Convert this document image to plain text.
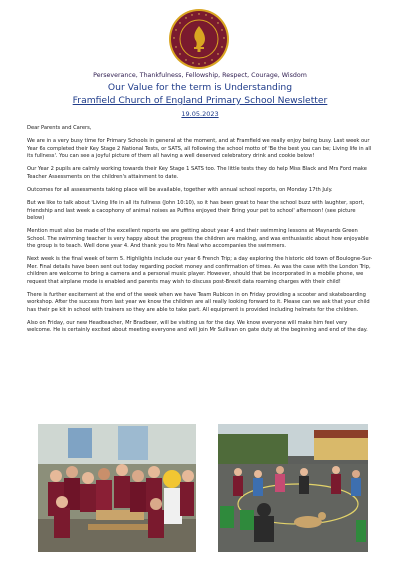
Perseverance, Thankfulness, Fellowship, Respect, Courage, Wisdom
Our Value for the term is Understanding
Framfield Church of England Primary School Newsletter
19.05.2023

Dear Parents and Carers,

We are in a very busy time for Primary Schools in general at the moment, and at Framfield we really enjoy being busy. Last week our Year 6s completed their Key Stage 2 National Tests, or SATS, all following the school motto of 'Be the best you can be; Living life in all its fullness'. You can see a joyful picture of them all having a well deserved celebratory drink and cookie below!

Our Year 2 pupils are calmly working towards their Key Stage 1 SATS too. The little tests they do help Miss Black and Mrs Ford make Teacher Assessments on the children's attainment to date.

Outcomes for all assessments taking place will be available, together with annual school reports, on Monday 17th July.

But we like to talk about 'Living life in all its fullness (John 10:10), so it has been great to hear the school buzz with laughter, sport, friendship and last week a cacophony of animal noises as Puffins enjoyed their Bring your pet to school' afternoon! (see picture below)

Mention must also be made of the excellent reports we are getting about year 4 and their swimming lessons at Maynards Green School. The swimming teacher is very happy about the progress the children are making, and was enthusiastic about how enjoyable the group is to teach. Well done year 4. And thank you to Mrs Neal who accompanies the swimmers.

Next week is the final week of term 5. Highlights include our year 6 French Trip; a day exploring the historic old town of Boulogne-Sur-Mer. Final details have been sent out today regarding pocket money and confirmation of times. As was the case with the London Trip, children are welcome to bring a camera and a personal music player. However, should that be incorporated in a mobile phone, we request that airplane mode is enabled and parents may wish to discuss post-Brexit data roaming charges with their child!

There is further excitement at the end of the week when we have Team Rubicon in on Friday providing a scooter and skateboarding workshop. After the success from last year we know the children are all really looking forward to it. Please can we ask that your child has their pe kit in school with trainers so they are able to take part. All equipment is provided including helmets for the children.

Also on Friday, our new Headteacher, Mr Bradbeer, will be visiting us for the day. We know everyone will make him feel very welcome. He is certainly excited about meeting everyone and will join Mr Sullivan on gate duty at the beginning and end of the day.
